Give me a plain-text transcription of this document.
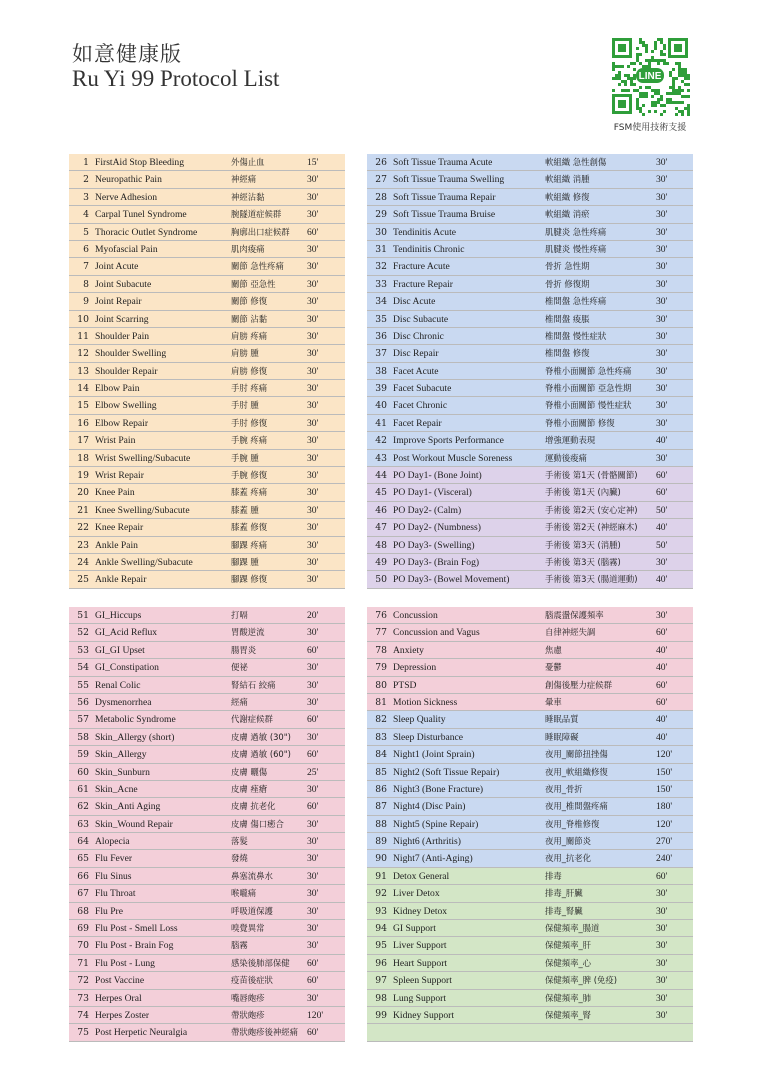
如意健康版
Ru Yi 99 Protocol List	LINE
FSM使用技術支援
1 FirstAid Stop Bleeding	外傷止血	15'
2 Neuropathic Pain	神經痛	30'
3 Nerve Adhesion	神經沾黏	30'
4 Carpal Tunel Syndrome	腕隧道症候群	30'
5 Thoracic Outlet Syndrome	胸廓出口症候群 60'
6 Myofascial Pain	肌肉痠痛	30'
7 Joint Acute	關節 急性疼痛 30'
8 Joint Subacute	關節 亞急性	30'
9 Joint Repair	關節 修復	30'
10 Joint Scarring	關節 沾黏	30'
11 Shoulder Pain	肩膀 疼痛	30'
12 Shoulder Swelling	肩膀 腫	30'
13 Shoulder Repair	肩膀 修復	30'
14 Elbow Pain	手肘 疼痛	30'
15 Elbow Swelling	手肘 腫	30'
16 Elbow Repair	手肘 修復	30'
17 Wrist Pain	手腕 疼痛	30'
18 Wrist Swelling/Subacute	手腕 腫	30'
19 Wrist Repair	手腕 修復	30'
20 Knee Pain	膝蓋 疼痛	30'
21 Knee Swelling/Subacute	膝蓋 腫	30'
22 Knee Repair	膝蓋 修復	30'
23 Ankle Pain	腳踝 疼痛	30'
24 Ankle Swelling/Subacute	腳踝 腫	30'
25 Ankle Repair	腳踝 修復	30'
26 Soft Tissue Trauma Acute	軟組織 急性創傷	30'
27 Soft Tissue Trauma Swelling	軟組織 消腫	30'
28 Soft Tissue Trauma Repair	軟組織 修復	30'
29 Soft Tissue Trauma Bruise	軟組織 消瘀	30'
30 Tendinitis Acute	肌腱炎 急性疼痛	30'
31 Tendinitis Chronic	肌腱炎 慢性疼痛	30'
32 Fracture Acute	骨折 急性期	30'
33 Fracture Repair	骨折 修復期	30'
34 Disc Acute	椎間盤 急性疼痛	30'
35 Disc Subacute	椎間盤 痠脹	30'
36 Disc Chronic	椎間盤 慢性症狀	30'
37 Disc Repair	椎間盤 修復	30'
38 Facet Acute	脊椎小面關節 急性疼痛	30'
39 Facet Subacute	脊椎小面關節 亞急性期	30'
40 Facet Chronic	脊椎小面關節 慢性症狀	30'
41 Facet Repair	脊椎小面關節 修復	30'
42 Improve Sports Performance	增強運動表現	40'
43 Post Workout Muscle Soreness	運動後痠痛	30'
44 PO Day1- (Bone Joint)	手術後 第1天 (骨骼關節) 60'
45 PO Day1- (Visceral)	手術後 第1天 (內臟)	60'
46 PO Day2- (Calm)	手術後 第2天 (安心定神) 50'
47 PO Day2- (Numbness)	手術後 第2天 (神經麻木) 40'
48 PO Day3- (Swelling)	手術後 第3天 (消腫)	50'
49 PO Day3- (Brain Fog)	手術後 第3天 (腦霧)	30'
50 PO Day3- (Bowel Movement)	手術後 第3天 (腸道運動) 40'
51 GI_Hiccups	打嗝	20'
52 GI_Acid Reflux	胃酸逆流	30'
53 GI_GI Upset	腸胃炎	60'
54 GI_Constipation	便祕	30'
55 Renal Colic	腎結石 絞痛	30'
56 Dysmenorrhea	經痛	30'
57 Metabolic Syndrome	代謝症候群	60'
58 Skin_Allergy (short)	皮膚 過敏 (30") 30'
59 Skin_Allergy	皮膚 過敏 (60") 60'
60 Skin_Sunburn	皮膚 曬傷	25'
61 Skin_Acne	皮膚 痤瘡	30'
62 Skin_Anti Aging	皮膚 抗老化	60'
63 Skin_Wound Repair	皮膚 傷口癒合 30'
64 Alopecia	落髮	30'
65 Flu Fever	發燒	30'
66 Flu Sinus	鼻塞流鼻水	30'
67 Flu Throat	喉嚨痛	30'
68 Flu Pre	呼吸道保護	30'
69 Flu Post - Smell Loss	嗅覺異常	30'
70 Flu Post - Brain Fog	腦霧	30'
71 Flu Post - Lung	感染後肺部保健 60'
72 Post Vaccine	疫苗後症狀	60'
73 Herpes Oral	嘴唇皰疹	30'
74 Herpes Zoster	帶狀皰疹	120'
75 Post Herpetic Neuralgia	帶狀皰疹後神經痛 60'
76 Concussion	腦震盪保護頻率	30'
77 Concussion and Vagus	自律神經失調	60'
78 Anxiety	焦慮	40'
79 Depression	憂鬱	40'
80 PTSD	創傷後壓力症候群	60'
81 Motion Sickness	暈車	60'
82 Sleep Quality	睡眠品質	40'
83 Sleep Disturbance	睡眠障礙	40'
84 Night1 (Joint Sprain)	夜用_關節扭挫傷	120'
85 Night2 (Soft Tissue Repair)	夜用_軟組織修復	150'
86 Night3 (Bone Fracture)	夜用_骨折	150'
87 Night4 (Disc Pain)	夜用_椎間盤疼痛	180'
88 Night5 (Spine Repair)	夜用_脊椎修復	120'
89 Night6 (Arthritis)	夜用_關節炎	270'
90 Night7 (Anti-Aging)	夜用_抗老化	240'
91 Detox General	排毒	60'
92 Liver Detox	排毒_肝臟	30'
93 Kidney Detox	排毒_腎臟	30'
94 GI Support	保健頻率_腸道	30'
95 Liver Support	保健頻率_肝	30'
96 Heart Support	保健頻率_心	30'
97 Spleen Support	保健頻率_脾 (免疫)	30'
98 Lung Support	保健頻率_肺	30'
99 Kidney Support	保健頻率_腎	30'
